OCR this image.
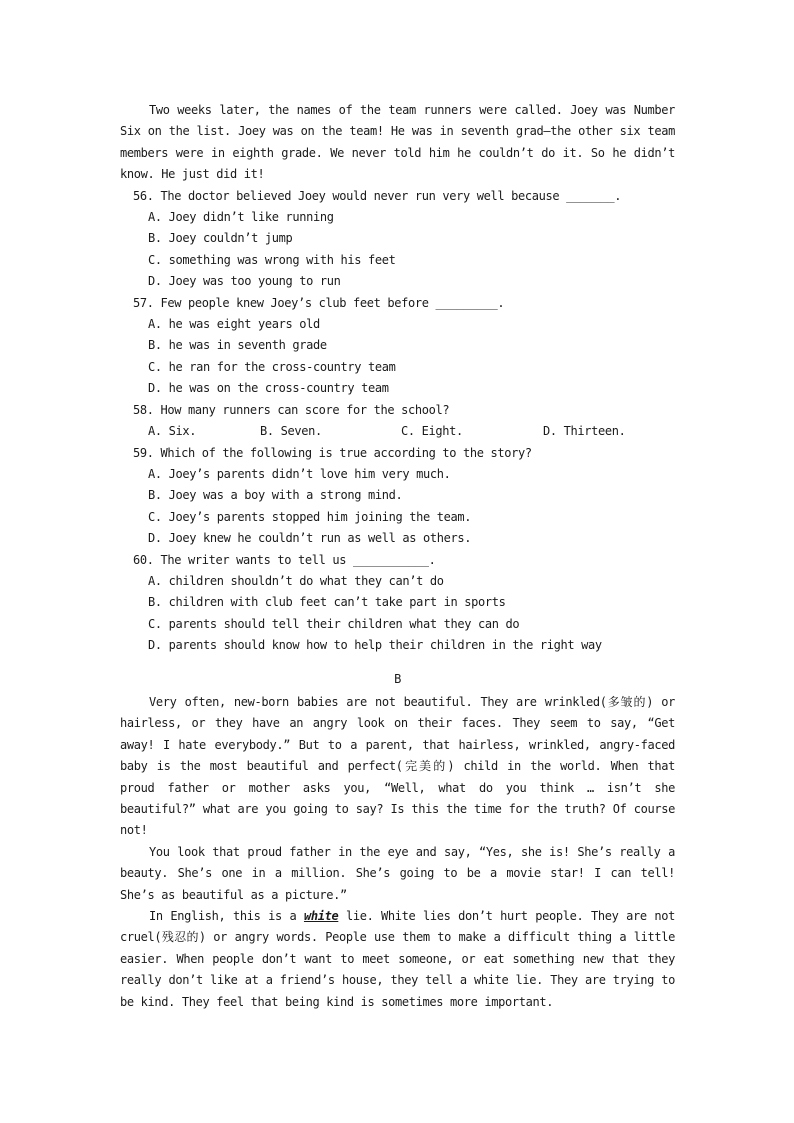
Two weeks later, the names of the team runners were called. Joey was Number Six on the list. Joey was on the team! He was in seventh grad—the other six team members were in eighth grade. We never told him he couldn’t do it. So he didn’t know. He just did it!

56. The doctor believed Joey would never run very well because _______.

A. Joey didn’t like running

B. Joey couldn’t jump

C. something was wrong with his feet

D. Joey was too young to run

57. Few people knew Joey’s club feet before _________.

A. he was eight years old

B. he was in seventh grade

C. he ran for the cross-country team

D. he was on the cross-country team

58. How many runners can score for the school?

A. Six.	B. Seven.	C. Eight.	D. Thirteen.

59. Which of the following is true according to the story?

A. Joey’s parents didn’t love him very much.

B. Joey was a boy with a strong mind.

C. Joey’s parents stopped him joining the team.

D. Joey knew he couldn’t run as well as others.

60. The writer wants to tell us ___________.

A. children shouldn’t do what they can’t do

B. children with club feet can’t take part in sports

C. parents should tell their children what they can do

D. parents should know how to help their children in the right way

B

Very often, new-born babies are not beautiful. They are wrinkled(多皱的) or hairless, or they have an angry look on their faces. They seem to say, “Get away! I hate everybody.” But to a parent, that hairless, wrinkled, angry-faced baby is the most beautiful and perfect(完美的) child in the world. When that proud father or mother asks you, “Well, what do you think … isn’t she beautiful?” what are you going to say? Is this the time for the truth? Of course not!

You look that proud father in the eye and say, “Yes, she is! She’s really a beauty. She’s one in a million. She’s going to be a movie star! I can tell! She’s as beautiful as a picture.”

In English, this is a white lie. White lies don’t hurt people. They are not cruel(残忍的) or angry words. People use them to make a difficult thing a little easier. When people don’t want to meet someone, or eat something new that they really don’t like at a friend’s house, they tell a white lie. They are trying to be kind. They feel that being kind is sometimes more important.
